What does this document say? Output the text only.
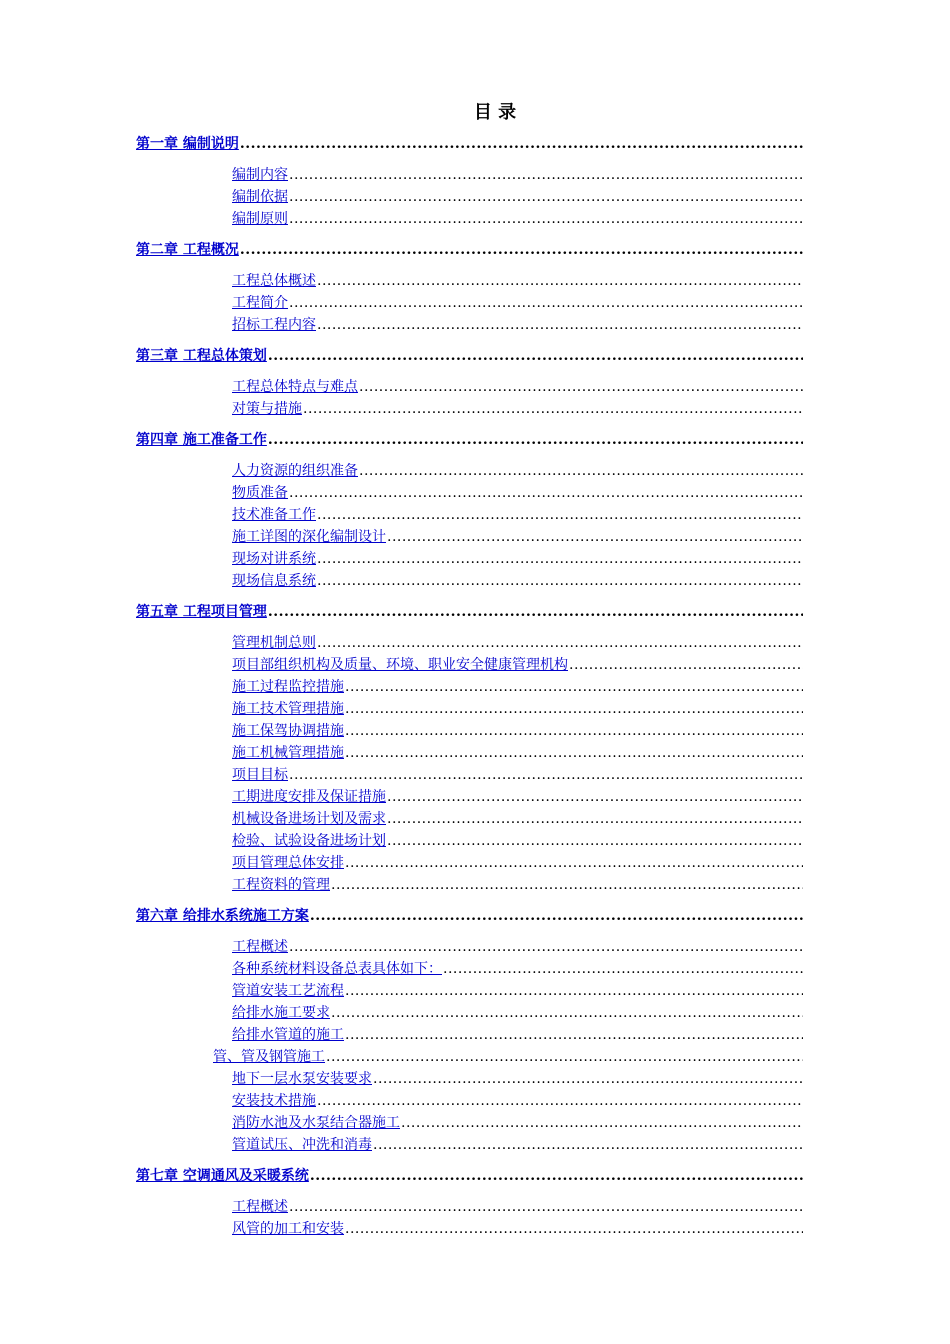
目 录
第一章 编制说明
.....
编制内容
.....
编制依据
.....
编制原则
.....
第二章 工程概况
.....
工程总体概述
.....
工程简介
.....
招标工程内容
.....
第三章 工程总体策划
.....
工程总体特点与难点
.....
对策与措施
.....
第四章 施工准备工作
.....
人力资源的组织准备
.....
物质准备
.....
技术准备工作
.....
施工详图的深化编制设计
.....
现场对讲系统
.....
现场信息系统
.....
第五章 工程项目管理
.....
管理机制总则
.....
项目部组织机构及质量、环境、职业安全健康管理机构
.....
施工过程监控措施
.....
施工技术管理措施
.....
施工保驾协调措施
.....
施工机械管理措施
.....
项目目标
.....
工期进度安排及保证措施
.....
机械设备进场计划及需求
.....
检验、试验设备进场计划
.....
项目管理总体安排
.....
工程资料的管理
.....
第六章 给排水系统施工方案
.....
工程概述
.....
各种系统材料设备总表具体如下：
.....
管道安装工艺流程
.....
给排水施工要求
.....
给排水管道的施工
.....
管、管及钢管施工
.....
地下一层水泵安装要求
.....
安装技术措施
.....
消防水池及水泵结合器施工
.....
管道试压、冲洗和消毒
.....
第七章 空调通风及采暖系统
.....
工程概述
.....
风管的加工和安装
.....
